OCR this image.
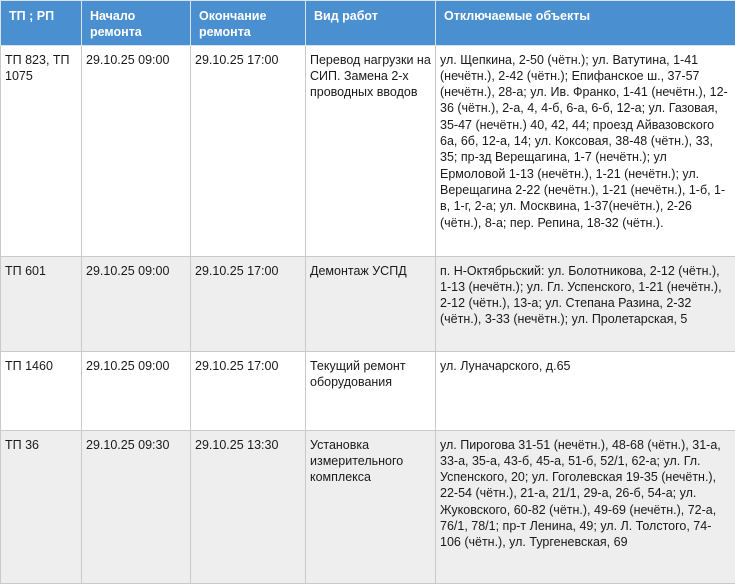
ТП ; РП	Начало ремонта	Окончание ремонта	Вид работ	Отключаемые объекты
ТП 823, ТП 1075	29.10.25 09:00	29.10.25 17:00	Перевод нагрузки на СИП. Замена 2-х проводных вводов	ул. Щепкина, 2-50 (чётн.); ул. Ватутина, 1-41 (нечётн.), 2-42 (чётн.); Епифанское ш., 37-57 (нечётн.), 28-а; ул. Ив. Франко, 1-41 (нечётн.), 12-36 (чётн.), 2-а, 4, 4-б, 6-а, 6-б, 12-а; ул. Газовая, 35-47 (нечётн.) 40, 42, 44; проезд Айвазовского 6а, 6б, 12-а, 14; ул. Коксовая, 38-48 (чётн.), 33, 35; пр-зд Верещагина, 1-7 (нечётн.); ул Ермоловой 1-13 (нечётн.), 1-21 (нечётн.); ул. Верещагина 2-22 (нечётн.), 1-21 (нечётн.), 1-б, 1-в, 1-г, 2-а; ул. Москвина, 1-37(нечётн.), 2-26 (чётн.), 8-а; пер. Репина, 18-32 (чётн.).
ТП 601	29.10.25 09:00	29.10.25 17:00	Демонтаж УСПД	п. Н-Октябрьский: ул. Болотникова, 2-12 (чётн.), 1-13 (нечётн.); ул. Гл. Успенского, 1-21 (нечётн.), 2-12 (чётн.), 13-а; ул. Степана Разина, 2-32 (чётн.), 3-33 (нечётн.); ул. Пролетарская, 5
ТП 1460	29.10.25 09:00	29.10.25 17:00	Текущий ремонт оборудования	ул. Луначарского, д.65
ТП 36	29.10.25 09:30	29.10.25 13:30	Установка измерительного комплекса	ул. Пирогова 31-51 (нечётн.), 48-68 (чётн.), 31-а, 33-а, 35-а, 43-б, 45-а, 51-б, 52/1, 62-а; ул. Гл. Успенского, 20; ул. Гоголевская 19-35 (нечётн.), 22-54 (чётн.), 21-а, 21/1, 29-а, 26-б, 54-а; ул. Жуковского, 60-82 (чётн.), 49-69 (нечётн.), 72-а, 76/1, 78/1; пр-т Ленина, 49; ул. Л. Толстого, 74-106 (чётн.), ул. Тургеневская, 69
